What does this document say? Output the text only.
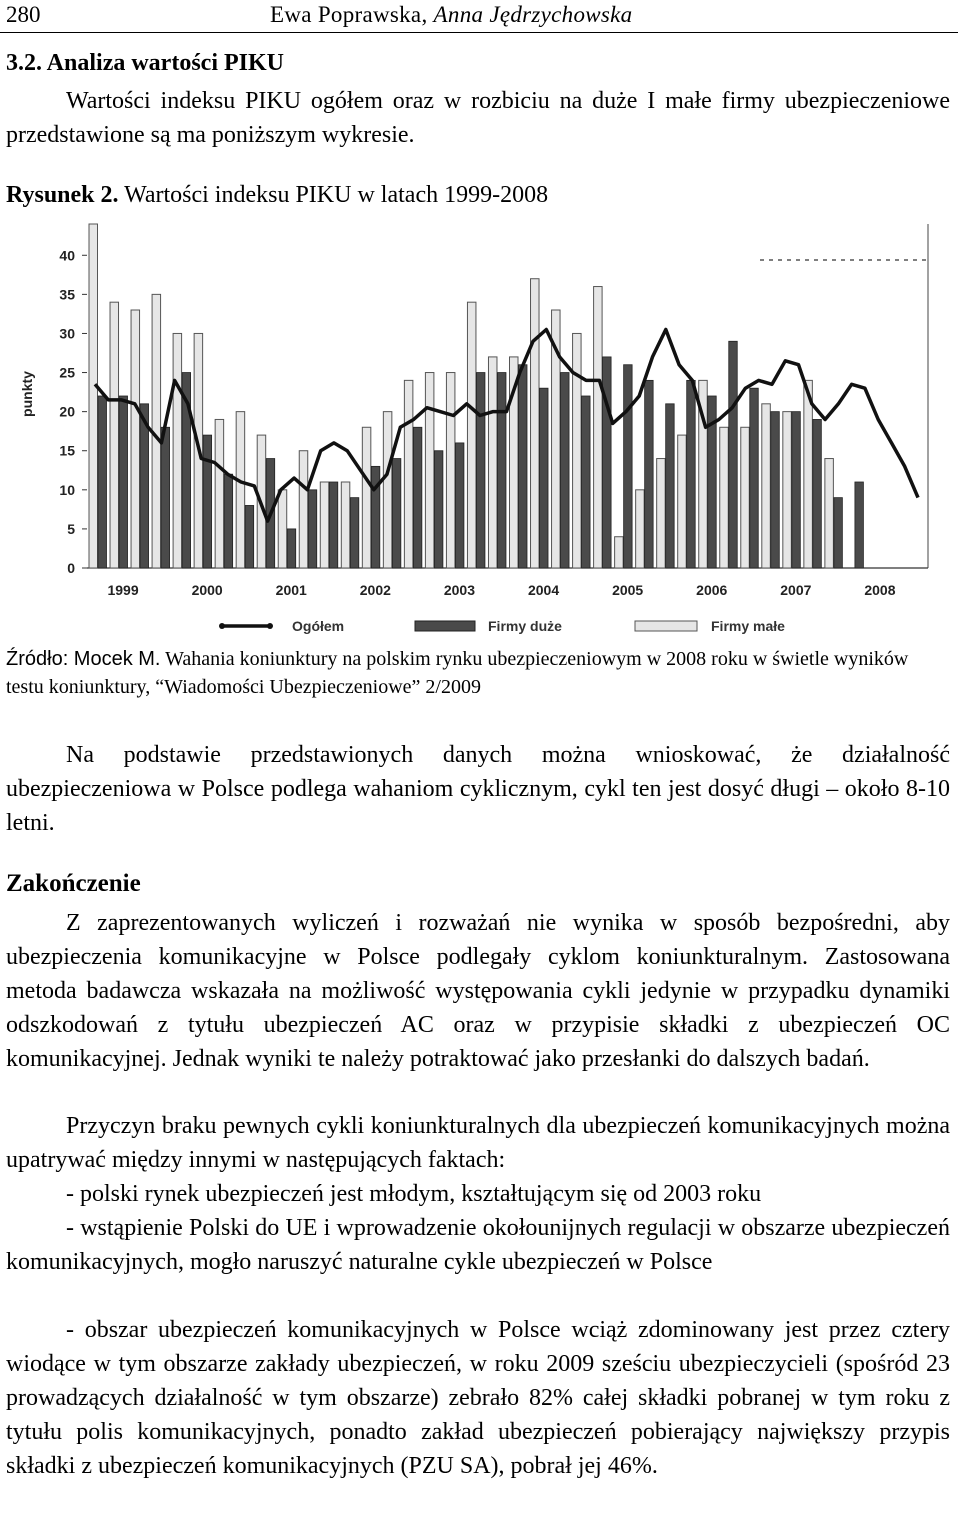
280	Ewa Poprawska, Anna Jędrzychowska
3.2. Analiza wartości PIKU

Wartości indeksu PIKU ogółem oraz w rozbiciu na duże I małe firmy ubezpieczeniowe przedstawione są ma poniższym wykresie.

Rysunek 2. Wartości indeksu PIKU w latach 1999-2008
0
5
10
15
20
25
30
35
40
punkty
1999	2000	2001	2002	2003	2004	2005	2006	2007	2008
Ogółem	Firmy duże	Firmy małe

Źródło: Mocek M. Wahania koniunktury na polskim rynku ubezpieczeniowym w 2008 roku w świetle wyników testu koniunktury, “Wiadomości Ubezpieczeniowe” 2/2009

Na podstawie przedstawionych danych można wnioskować, że działalność ubezpieczeniowa w Polsce podlega wahaniom cyklicznym, cykl ten jest dosyć długi – około 8-10 letni.

Zakończenie

Z zaprezentowanych wyliczeń i rozważań nie wynika w sposób bezpośredni, aby ubezpieczenia komunikacyjne w Polsce podlegały cyklom koniunkturalnym. Zastosowana metoda badawcza wskazała na możliwość występowania cykli jedynie w przypadku dynamiki odszkodowań z tytułu ubezpieczeń AC oraz w przypisie składki z ubezpieczeń OC komunikacyjnej. Jednak wyniki te należy potraktować jako przesłanki do dalszych badań.

Przyczyn braku pewnych cykli koniunkturalnych dla ubezpieczeń komunikacyjnych można upatrywać między innymi w następujących faktach:

- polski rynek ubezpieczeń jest młodym, kształtującym się od 2003 roku

- wstąpienie Polski do UE i wprowadzenie okołounijnych regulacji w obszarze ubezpieczeń komunikacyjnych, mogło naruszyć naturalne cykle ubezpieczeń w Polsce

- obszar ubezpieczeń komunikacyjnych w Polsce wciąż zdominowany jest przez cztery wiodące w tym obszarze zakłady ubezpieczeń, w roku 2009 sześciu ubezpieczycieli (spośród 23 prowadzących działalność w tym obszarze) zebrało 82% całej składki pobranej w tym roku z tytułu polis komunikacyjnych, ponadto zakład ubezpieczeń pobierający największy przypis składki z ubezpieczeń komunikacyjnych (PZU SA), pobrał jej 46%.
